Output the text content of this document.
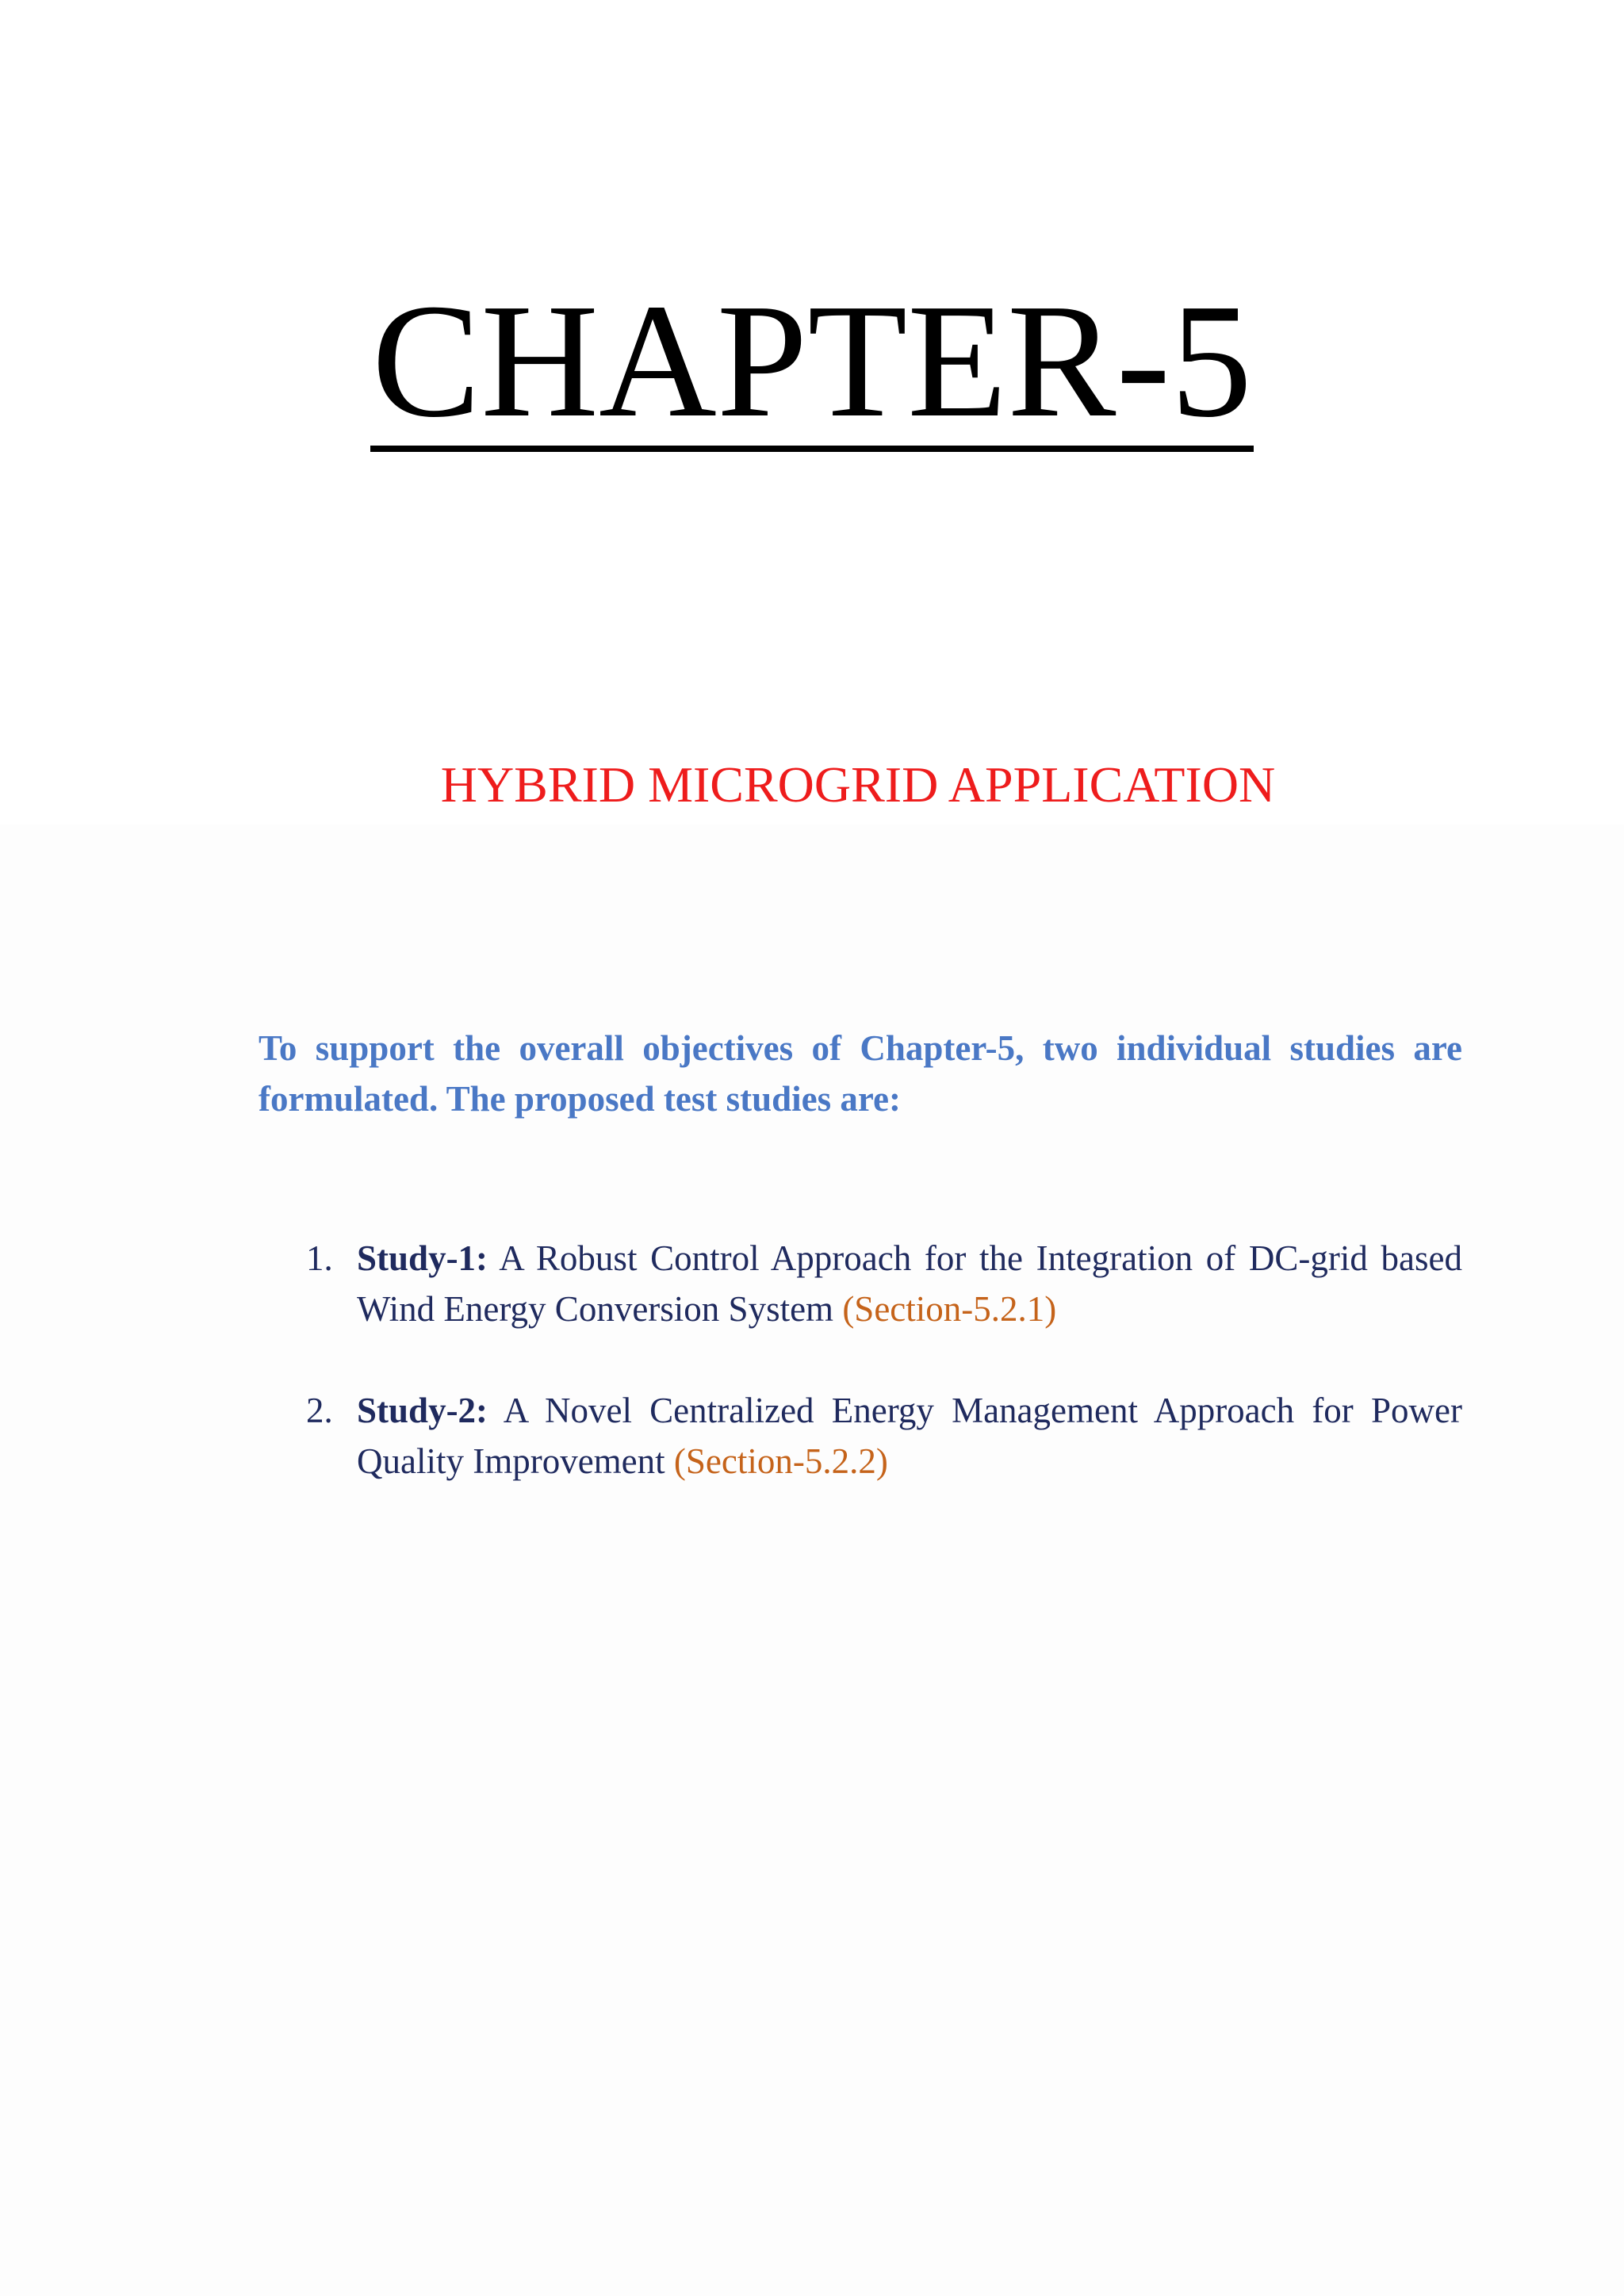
CHAPTER-5
HYBRID MICROGRID APPLICATION

To support the overall objectives of Chapter-5, two individual studies are formulated. The proposed test studies are:

1. Study-1: A Robust Control Approach for the Integration of DC-grid based Wind Energy Conversion System (Section-5.2.1)
2. Study-2: A Novel Centralized Energy Management Approach for Power Quality Improvement (Section-5.2.2)
